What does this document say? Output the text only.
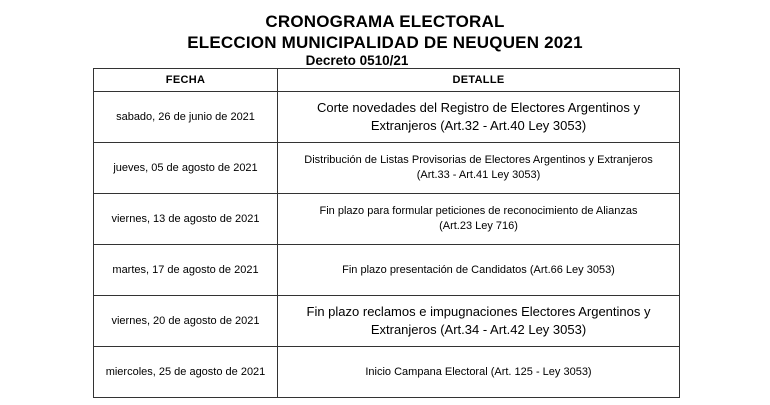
CRONOGRAMA ELECTORAL
ELECCION MUNICIPALIDAD DE NEUQUEN 2021
Decreto 0510/21
FECHA	DETALLE
sabado, 26 de junio de 2021	Corte novedades del Registro de Electores Argentinos y
Extranjeros (Art.32 - Art.40 Ley 3053)

jueves, 05 de agosto de 2021	Distribución de Listas Provisorias de Electores Argentinos y Extranjeros
(Art.33 - Art.41 Ley 3053)

viernes, 13 de agosto de 2021	Fin plazo para formular peticiones de reconocimiento de Alianzas
(Art.23 Ley 716)

martes, 17 de agosto de 2021	Fin plazo presentación de Candidatos (Art.66 Ley 3053)

viernes, 20 de agosto de 2021	Fin plazo reclamos e impugnaciones Electores Argentinos y
Extranjeros (Art.34 - Art.42 Ley 3053)

miercoles, 25 de agosto de 2021	Inicio Campana Electoral (Art. 125 - Ley 3053)
